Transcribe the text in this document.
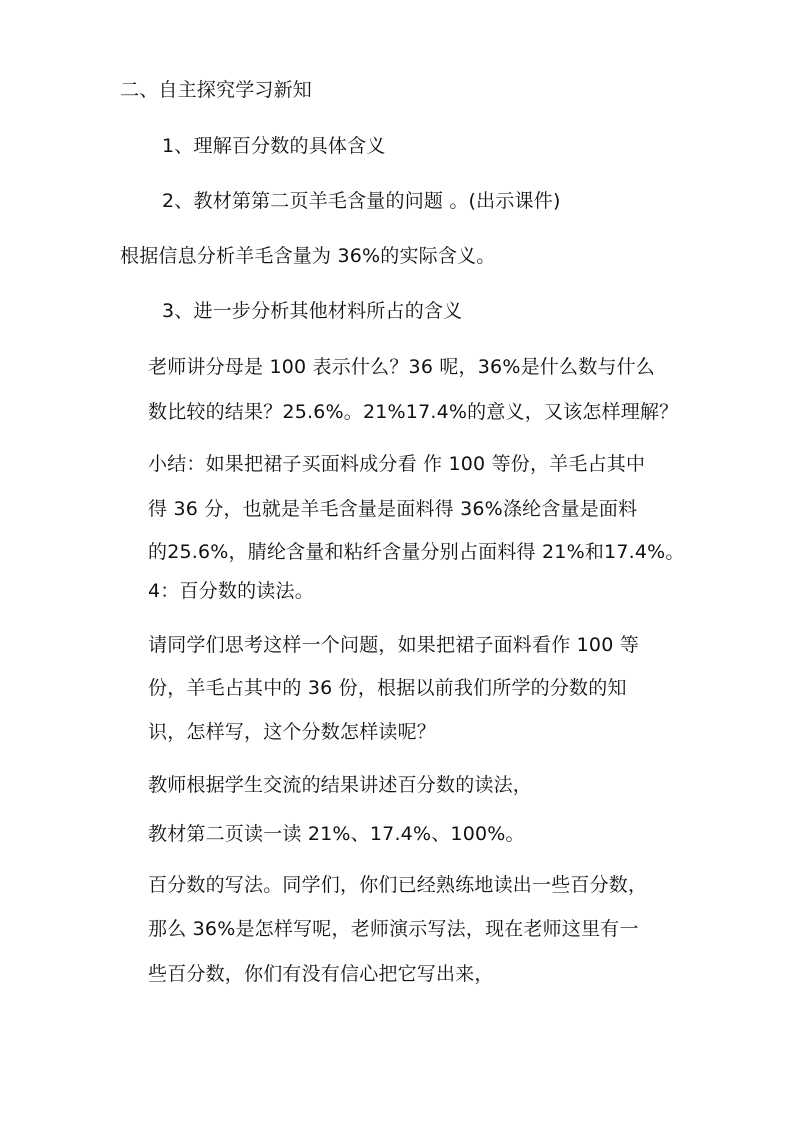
二、自主探究学习新知
1、理解百分数的具体含义
2、教材第第二页羊毛含量的问题 。(出示课件)
根据信息分析羊毛含量为 36%的实际含义。
3、进一步分析其他材料所占的含义
老师讲分母是 100 表示什么？36 呢，36%是什么数与什么
数比较的结果？25.6%。21%17.4%的意义，又该怎样理解？
小结：如果把裙子买面料成分看 作 100 等份，羊毛占其中
得 36 分，也就是羊毛含量是面料得 36%涤纶含量是面料
的25.6%，腈纶含量和粘纤含量分别占面料得 21%和17.4%。
4：百分数的读法。
请同学们思考这样一个问题，如果把裙子面料看作 100 等
份，羊毛占其中的 36 份，根据以前我们所学的分数的知
识，怎样写，这个分数怎样读呢？
教师根据学生交流的结果讲述百分数的读法，
教材第二页读一读 21%、17.4%、100%。
百分数的写法。同学们，你们已经熟练地读出一些百分数，
那么 36%是怎样写呢，老师演示写法，现在老师这里有一
些百分数，你们有没有信心把它写出来，
